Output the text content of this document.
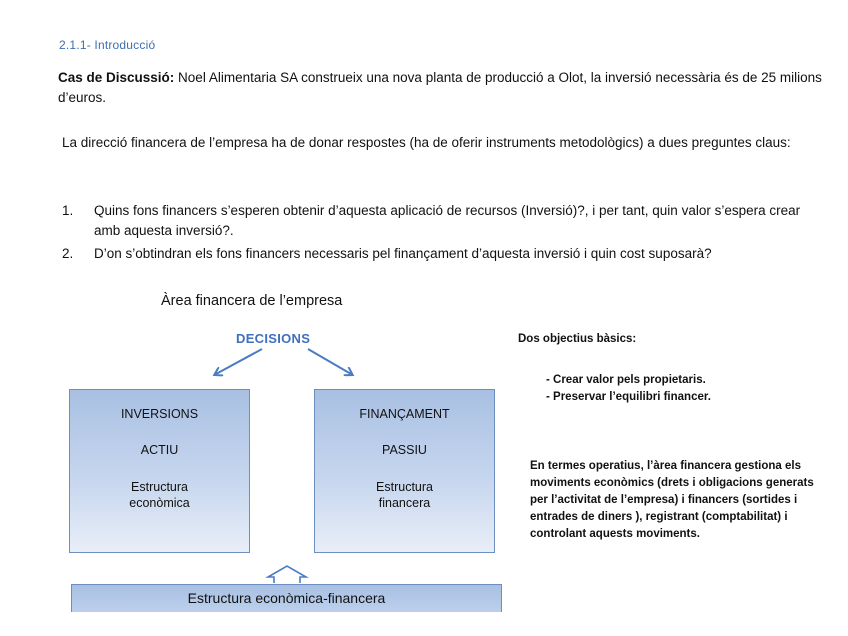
2.1.1- Introducció
Cas de Discussió: Noel Alimentaria SA construeix una nova planta de producció a Olot, la inversió necessària és de 25 milions d’euros.
La direcció financera de l’empresa ha de donar respostes (ha de oferir instruments metodològics) a dues preguntes claus:
1. Quins fons financers s’esperen obtenir d’aquesta aplicació de recursos (Inversió)?, i per tant, quin valor s’espera crear amb aquesta inversió?.
2. D’on s’obtindran els fons financers necessaris pel finançament d’aquesta inversió i quin cost suposarà?
Àrea financera de l’empresa
DECISIONS
INVERSIONS
ACTIU
Estructura
econòmica
FINANÇAMENT
PASSIU
Estructura
financera
Estructura econòmica-financera
Dos objectius bàsics:
- Crear valor pels propietaris.
- Preservar l’equilibri financer.
En termes operatius, l’àrea financera gestiona els moviments econòmics (drets i obligacions generats per l’activitat de l’empresa) i financers (sortides i entrades de diners ), registrant (comptabilitat) i controlant aquests moviments.
